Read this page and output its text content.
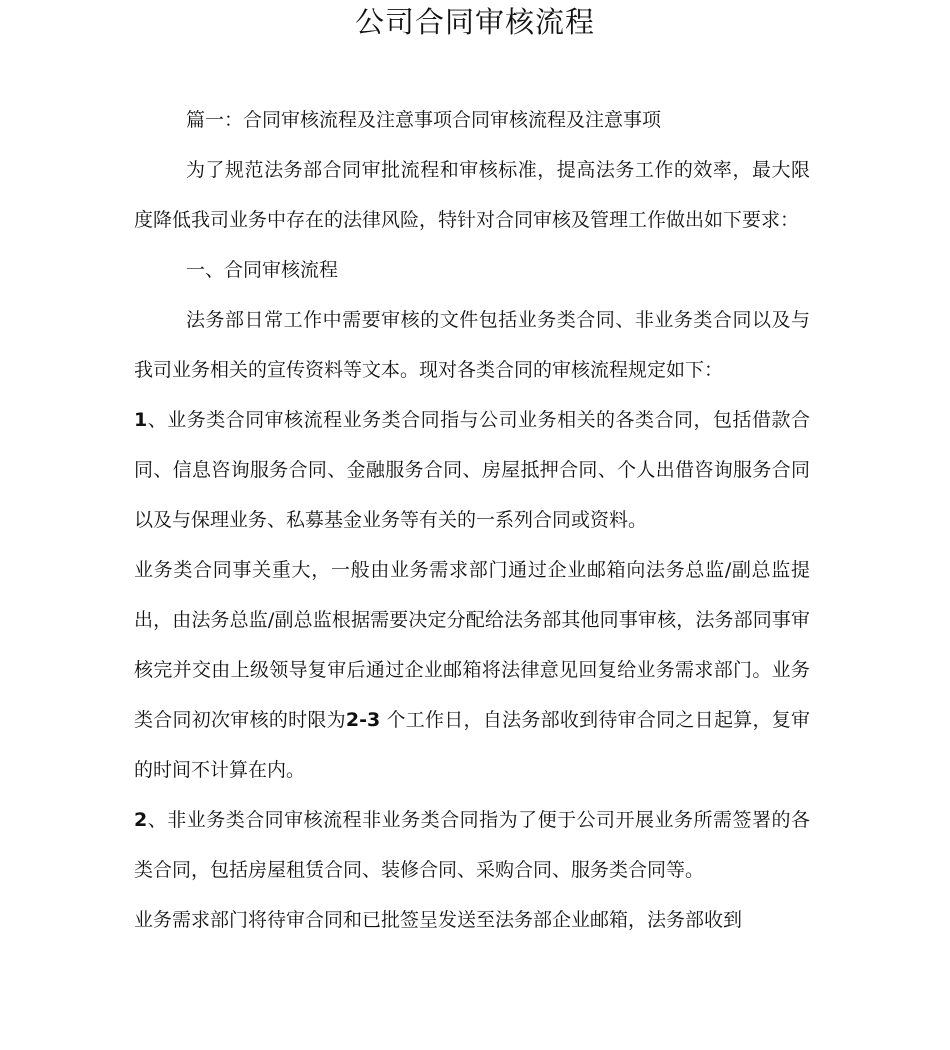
公司合同审核流程

篇一：合同审核流程及注意事项合同审核流程及注意事项

为了规范法务部合同审批流程和审核标准，提高法务工作的效率，最大限度降低我司业务中存在的法律风险，特针对合同审核及管理工作做出如下要求：

一、合同审核流程

法务部日常工作中需要审核的文件包括业务类合同、非业务类合同以及与我司业务相关的宣传资料等文本。现对各类合同的审核流程规定如下：

1、业务类合同审核流程业务类合同指与公司业务相关的各类合同，包括借款合同、信息咨询服务合同、金融服务合同、房屋抵押合同、个人出借咨询服务合同以及与保理业务、私募基金业务等有关的一系列合同或资料。

业务类合同事关重大，一般由业务需求部门通过企业邮箱向法务总监/副总监提出，由法务总监/副总监根据需要决定分配给法务部其他同事审核，法务部同事审核完并交由上级领导复审后通过企业邮箱将法律意见回复给业务需求部门。业务类合同初次审核的时限为2-3 个工作日，自法务部收到待审合同之日起算，复审的时间不计算在内。

2、非业务类合同审核流程非业务类合同指为了便于公司开展业务所需签署的各类合同，包括房屋租赁合同、装修合同、采购合同、服务类合同等。

业务需求部门将待审合同和已批签呈发送至法务部企业邮箱，法务部收到
